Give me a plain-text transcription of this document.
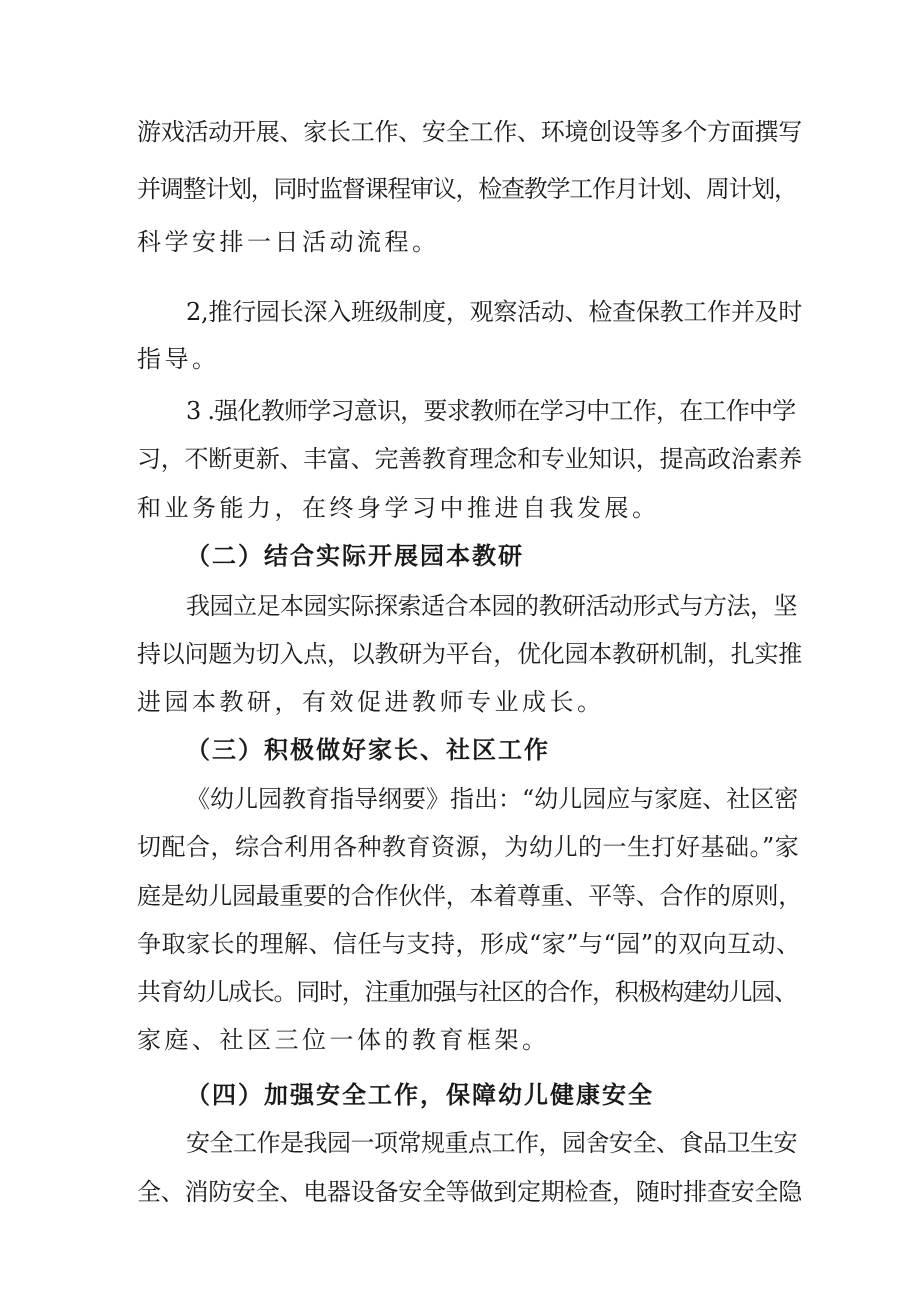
游戏活动开展、家长工作、安全工作、环境创设等多个方面撰写
并调整计划，同时监督课程审议，检查教学工作月计划、周计划，
科学安排一日活动流程。
2,推行园长深入班级制度，观察活动、检查保教工作并及时
指导。
3 .强化教师学习意识，要求教师在学习中工作，在工作中学
习，不断更新、丰富、完善教育理念和专业知识，提高政治素养
和业务能力，在终身学习中推进自我发展。
（二）结合实际开展园本教研
我园立足本园实际探索适合本园的教研活动形式与方法，坚
持以问题为切入点，以教研为平台，优化园本教研机制，扎实推
进园本教研，有效促进教师专业成长。
（三）积极做好家长、社区工作
《幼儿园教育指导纲要》指出：“幼儿园应与家庭、社区密
切配合，综合利用各种教育资源，为幼儿的一生打好基础。”家
庭是幼儿园最重要的合作伙伴，本着尊重、平等、合作的原则，
争取家长的理解、信任与支持，形成“家”与“园”的双向互动、
共育幼儿成长。同时，注重加强与社区的合作，积极构建幼儿园、
家庭、社区三位一体的教育框架。
（四）加强安全工作，保障幼儿健康安全
安全工作是我园一项常规重点工作，园舍安全、食品卫生安
全、消防安全、电器设备安全等做到定期检查，随时排查安全隐
